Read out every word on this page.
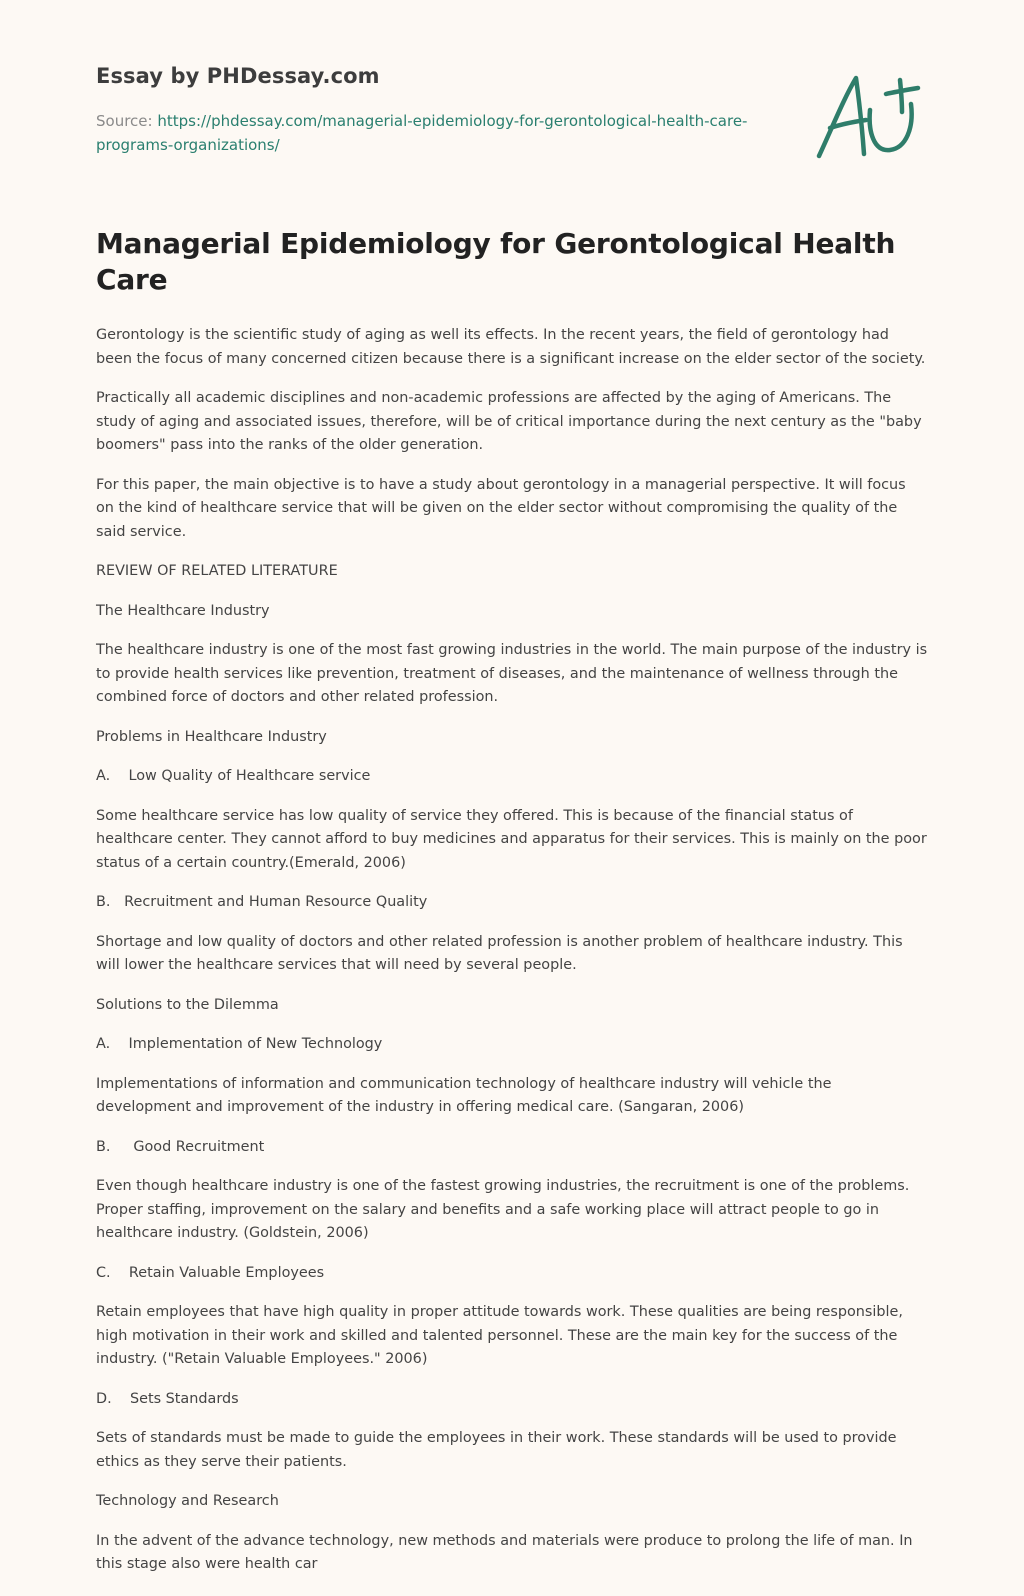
Essay by PHDessay.com
Source: https://phdessay.com/managerial-epidemiology-for-gerontological-health-care-programs-organizations/
Managerial Epidemiology for Gerontological Health Care

Gerontology is the scientific study of aging as well its effects. In the recent years, the field of gerontology had been the focus of many concerned citizen because there is a significant increase on the elder sector of the society.

Practically all academic disciplines and non-academic professions are affected by the aging of Americans. The study of aging and associated issues, therefore, will be of critical importance during the next century as the "baby boomers" pass into the ranks of the older generation.

For this paper, the main objective is to have a study about gerontology in a managerial perspective. It will focus on the kind of healthcare service that will be given on the elder sector without compromising the quality of the said service.

REVIEW OF RELATED LITERATURE

The Healthcare Industry

The healthcare industry is one of the most fast growing industries in the world. The main purpose of the industry is to provide health services like prevention, treatment of diseases, and the maintenance of wellness through the combined force of doctors and other related profession.

Problems in Healthcare Industry

A.    Low Quality of Healthcare service

Some healthcare service has low quality of service they offered. This is because of the financial status of healthcare center. They cannot afford to buy medicines and apparatus for their services. This is mainly on the poor status of a certain country.(Emerald, 2006)

B.   Recruitment and Human Resource Quality

Shortage and low quality of doctors and other related profession is another problem of healthcare industry. This will lower the healthcare services that will need by several people.

Solutions to the Dilemma

A.    Implementation of New Technology

Implementations of information and communication technology of healthcare industry will vehicle the development and improvement of the industry in offering medical care. (Sangaran, 2006)

B.     Good Recruitment

Even though healthcare industry is one of the fastest growing industries, the recruitment is one of the problems. Proper staffing, improvement on the salary and benefits and a safe working place will attract people to go in healthcare industry. (Goldstein, 2006)

C.    Retain Valuable Employees

Retain employees that have high quality in proper attitude towards work. These qualities are being responsible, high motivation in their work and skilled and talented personnel. These are the main key for the success of the industry. ("Retain Valuable Employees." 2006)

D.    Sets Standards

Sets of standards must be made to guide the employees in their work. These standards will be used to provide ethics as they serve their patients.

Technology and Research

In the advent of the advance technology, new methods and materials were produce to prolong the life of man. In this stage also were health car
